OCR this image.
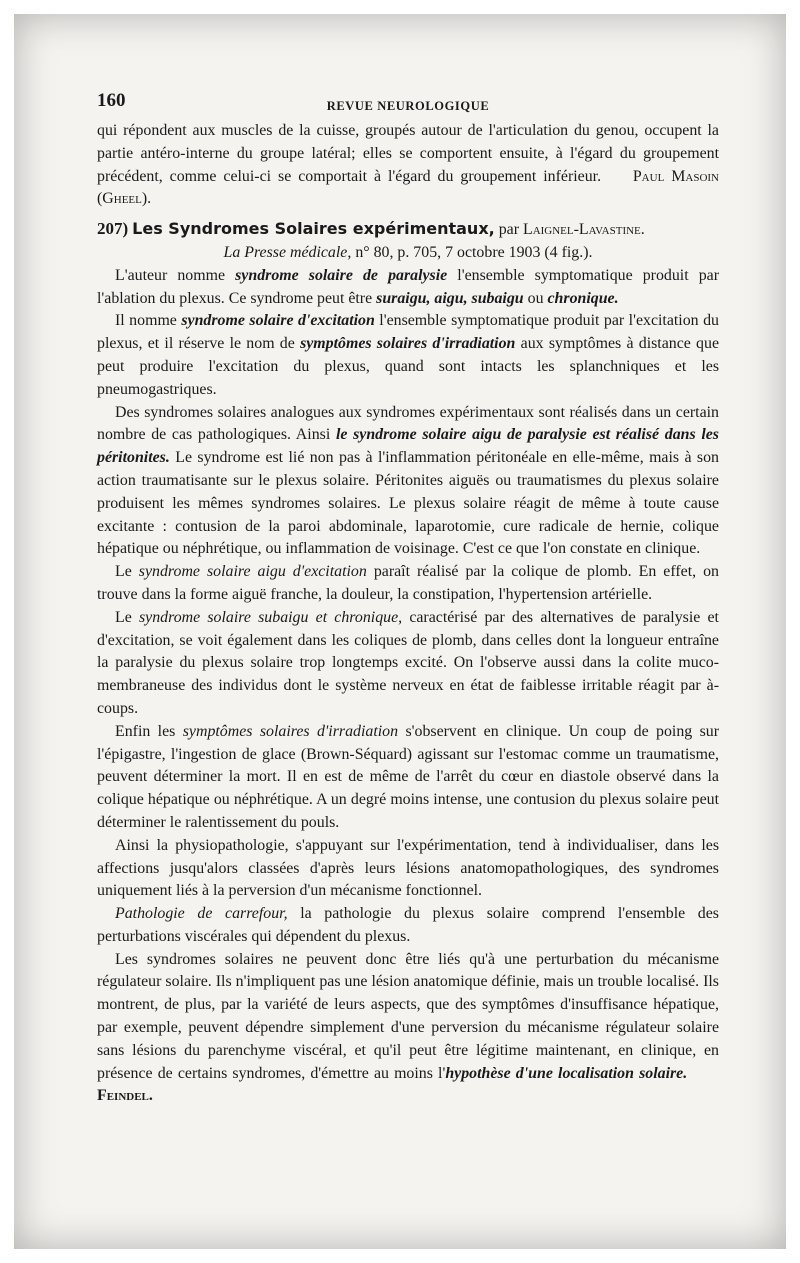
160	REVUE NEUROLOGIQUE

qui répondent aux muscles de la cuisse, groupés autour de l'articulation du genou, occupent la partie antéro-interne du groupe latéral; elles se comportent ensuite, à l'égard du groupement précédent, comme celui-ci se comportait à l'égard du groupement inférieur.   Paul Masoin (Gheel).

207) Les Syndromes Solaires expérimentaux, par Laignel-Lavastine.

La Presse médicale, n° 80, p. 705, 7 octobre 1903 (4 fig.).

L'auteur nomme syndrome solaire de paralysie l'ensemble symptomatique produit par l'ablation du plexus. Ce syndrome peut être suraigu, aigu, subaigu ou chronique.

Il nomme syndrome solaire d'excitation l'ensemble symptomatique produit par l'excitation du plexus, et il réserve le nom de symptômes solaires d'irradiation aux symptômes à distance que peut produire l'excitation du plexus, quand sont intacts les splanchniques et les pneumogastriques.

Des syndromes solaires analogues aux syndromes expérimentaux sont réalisés dans un certain nombre de cas pathologiques. Ainsi le syndrome solaire aigu de paralysie est réalisé dans les péritonites. Le syndrome est lié non pas à l'inflammation péritonéale en elle-même, mais à son action traumatisante sur le plexus solaire. Péritonites aiguës ou traumatismes du plexus solaire produisent les mêmes syndromes solaires. Le plexus solaire réagit de même à toute cause excitante : contusion de la paroi abdominale, laparotomie, cure radicale de hernie, colique hépatique ou néphrétique, ou inflammation de voisinage. C'est ce que l'on constate en clinique.

Le syndrome solaire aigu d'excitation paraît réalisé par la colique de plomb. En effet, on trouve dans la forme aiguë franche, la douleur, la constipation, l'hypertension artérielle.

Le syndrome solaire subaigu et chronique, caractérisé par des alternatives de paralysie et d'excitation, se voit également dans les coliques de plomb, dans celles dont la longueur entraîne la paralysie du plexus solaire trop longtemps excité. On l'observe aussi dans la colite muco-membraneuse des individus dont le système nerveux en état de faiblesse irritable réagit par à-coups.

Enfin les symptômes solaires d'irradiation s'observent en clinique. Un coup de poing sur l'épigastre, l'ingestion de glace (Brown-Séquard) agissant sur l'estomac comme un traumatisme, peuvent déterminer la mort. Il en est de même de l'arrêt du cœur en diastole observé dans la colique hépatique ou néphrétique. A un degré moins intense, une contusion du plexus solaire peut déterminer le ralentissement du pouls.

Ainsi la physiopathologie, s'appuyant sur l'expérimentation, tend à individualiser, dans les affections jusqu'alors classées d'après leurs lésions anatomopathologiques, des syndromes uniquement liés à la perversion d'un mécanisme fonctionnel.

Pathologie de carrefour, la pathologie du plexus solaire comprend l'ensemble des perturbations viscérales qui dépendent du plexus.

Les syndromes solaires ne peuvent donc être liés qu'à une perturbation du mécanisme régulateur solaire. Ils n'impliquent pas une lésion anatomique définie, mais un trouble localisé. Ils montrent, de plus, par la variété de leurs aspects, que des symptômes d'insuffisance hépatique, par exemple, peuvent dépendre simplement d'une perversion du mécanisme régulateur solaire sans lésions du parenchyme viscéral, et qu'il peut être légitime maintenant, en clinique, en présence de certains syndromes, d'émettre au moins l'hypothèse d'une localisation solaire.  Feindel.
